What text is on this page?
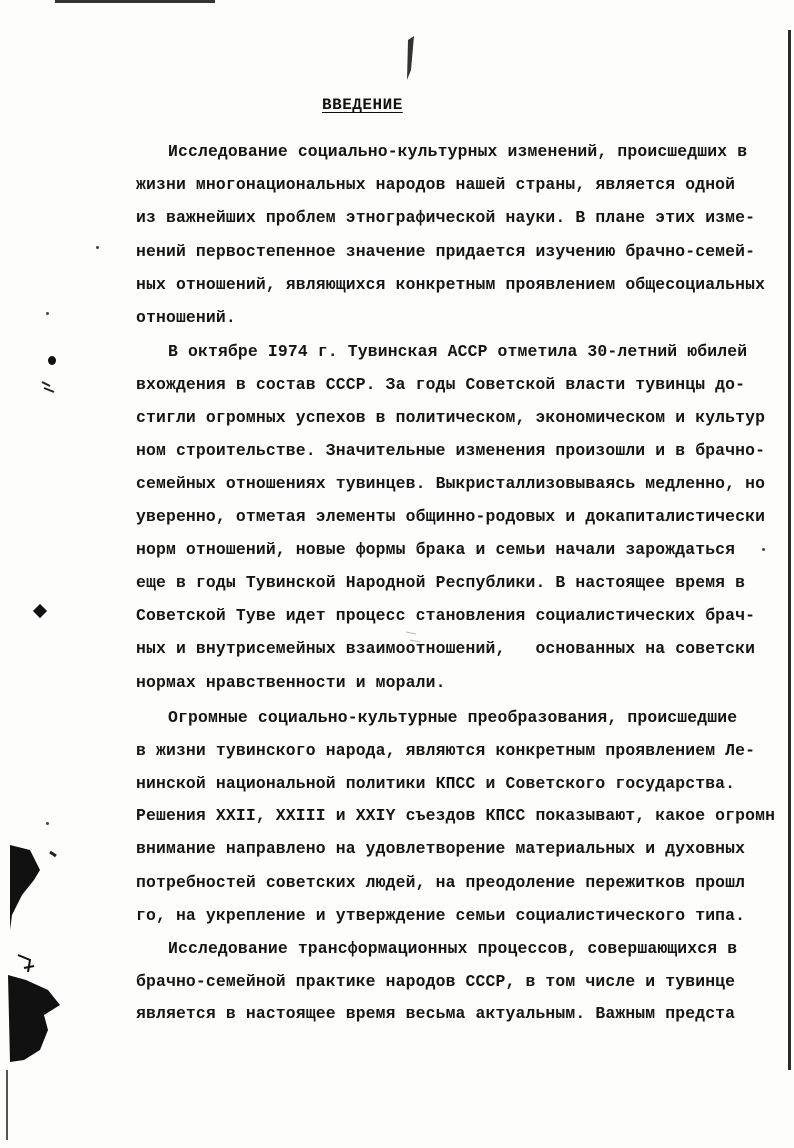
ВВЕДЕНИЕ
Исследование социально-культурных изменений, происшедших в
жизни многонациональных народов нашей страны, является одной
из важнейших проблем этнографической науки. В плане этих изме-
нений первостепенное значение придается изучению брачно-семей-
ных отношений, являющихся конкретным проявлением общесоциальных
отношений.
В октябре I974 г. Тувинская АССР отметила 30-летний юбилей
вхождения в состав СССР. За годы Советской власти тувинцы до-
стигли огромных успехов в политическом, экономическом и культур
ном строительстве. Значительные изменения произошли и в брачно-
семейных отношениях тувинцев. Выкристаллизовываясь медленно, но
уверенно, отметая элементы общинно-родовых и докапиталистически
норм отношений, новые формы брака и семьи начали зарождаться
еще в годы Тувинской Народной Республики. В настоящее время в
Советской Туве идет процесс становления социалистических брач-
ных и внутрисемейных взаимоотношений,   основанных на советски
нормах нравственности и морали.
Огромные социально-культурные преобразования, происшедшие
в жизни тувинского народа, являются конкретным проявлением Ле-
нинской национальной политики КПСС и Советского государства.
Решения XXII, XXIII и XXIY съездов КПСС показывают, какое огромн
внимание направлено на удовлетворение материальных и духовных
потребностей советских людей, на преодоление пережитков прошл
го, на укрепление и утверждение семьи социалистического типа.
Исследование трансформационных процессов, совершающихся в
брачно-семейной практике народов СССР, в том числе и тувинце
является в настоящее время весьма актуальным. Важным предста
